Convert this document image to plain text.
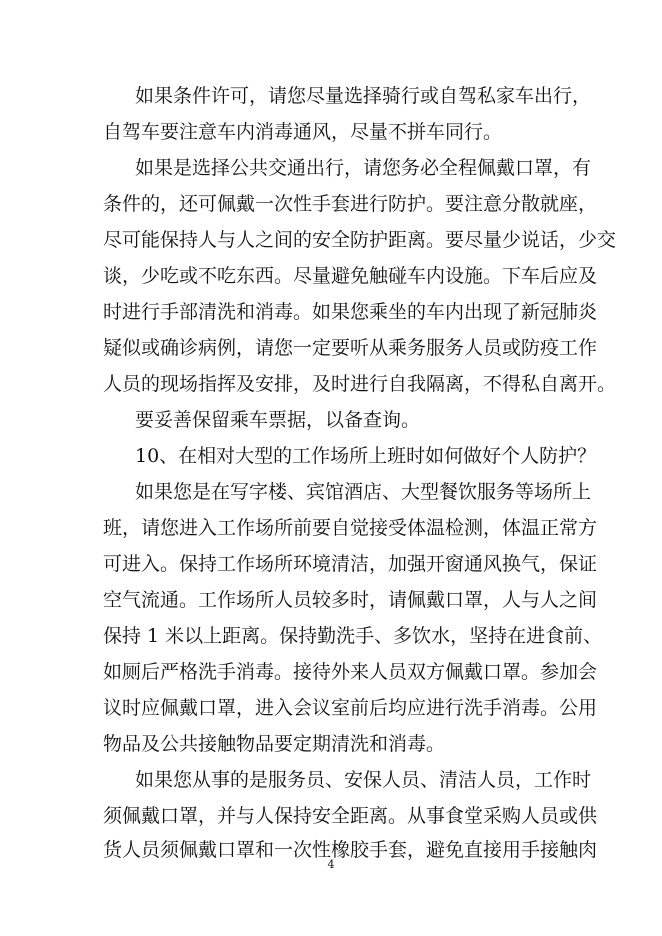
如果条件许可，请您尽量选择骑行或自驾私家车出行，
自驾车要注意车内消毒通风，尽量不拼车同行。
如果是选择公共交通出行，请您务必全程佩戴口罩，有
条件的，还可佩戴一次性手套进行防护。要注意分散就座，
尽可能保持人与人之间的安全防护距离。要尽量少说话，少交
谈，少吃或不吃东西。尽量避免触碰车内设施。下车后应及
时进行手部清洗和消毒。如果您乘坐的车内出现了新冠肺炎
疑似或确诊病例，请您一定要听从乘务服务人员或防疫工作
人员的现场指挥及安排，及时进行自我隔离，不得私自离开。
要妥善保留乘车票据，以备查询。
10、在相对大型的工作场所上班时如何做好个人防护？
如果您是在写字楼、宾馆酒店、大型餐饮服务等场所上
班，请您进入工作场所前要自觉接受体温检测，体温正常方
可进入。保持工作场所环境清洁，加强开窗通风换气，保证
空气流通。工作场所人员较多时，请佩戴口罩，人与人之间
保持 1 米以上距离。保持勤洗手、多饮水，坚持在进食前、
如厕后严格洗手消毒。接待外来人员双方佩戴口罩。参加会
议时应佩戴口罩，进入会议室前后均应进行洗手消毒。公用
物品及公共接触物品要定期清洗和消毒。
如果您从事的是服务员、安保人员、清洁人员，工作时
须佩戴口罩，并与人保持安全距离。从事食堂采购人员或供
货人员须佩戴口罩和一次性橡胶手套，避免直接用手接触肉
4
